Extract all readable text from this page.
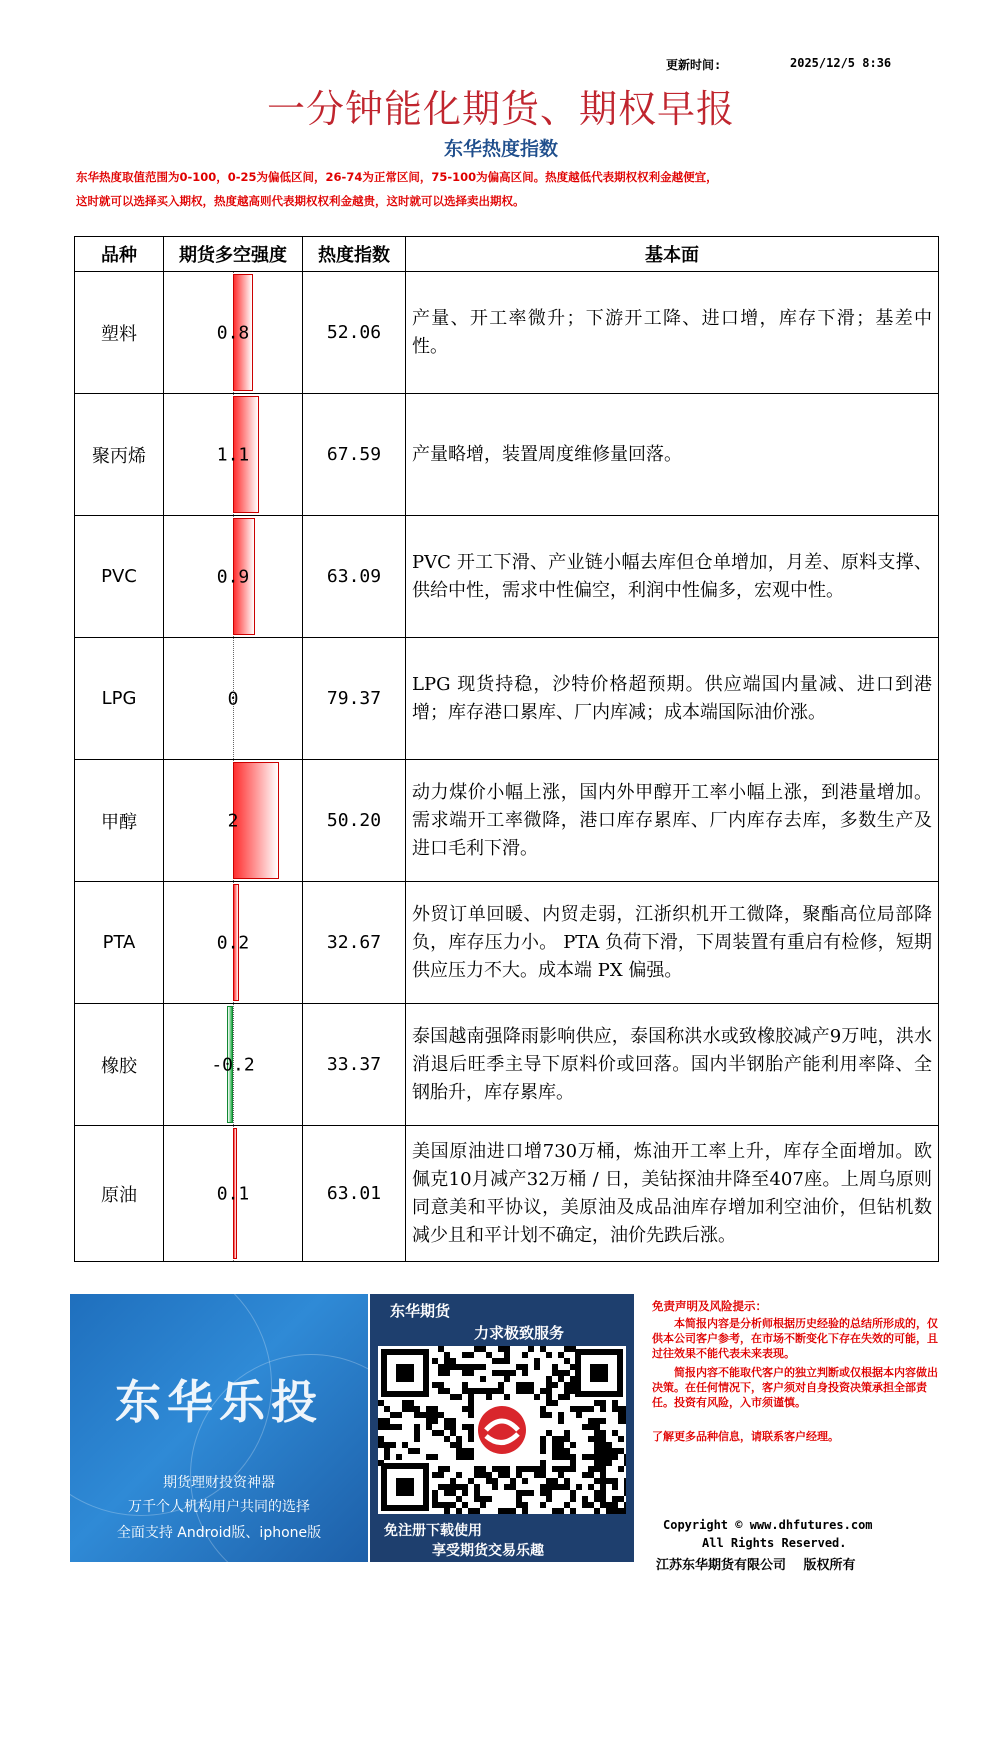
更新时间:	2025/12/5 8:36
一分钟能化期货、期权早报
东华热度指数
东华热度取值范围为0-100，0-25为偏低区间，26-74为正常区间，75-100为偏高区间。热度越低代表期权权利金越便宜，
这时就可以选择买入期权，热度越高则代表期权权利金越贵，这时就可以选择卖出期权。
品种	期货多空强度	热度指数	基本面
塑料	0.8	52.06	产量、开工率微升；下游开工降、进口增，库存下滑；基差中性。
聚丙烯	1.1	67.59	产量略增，装置周度维修量回落。
PVC	0.9	63.09	PVC 开工下滑、产业链小幅去库但仓单增加，月差、原料支撑、供给中性，需求中性偏空，利润中性偏多，宏观中性。
LPG	0	79.37	LPG 现货持稳，沙特价格超预期。供应端国内量减、进口到港增；库存港口累库、厂内库减；成本端国际油价涨。
甲醇	2	50.20	动力煤价小幅上涨，国内外甲醇开工率小幅上涨，到港量增加。需求端开工率微降，港口库存累库、厂内库存去库，多数生产及进口毛利下滑。
PTA	0.2	32.67	外贸订单回暖、内贸走弱，江浙织机开工微降，聚酯高位局部降负，库存压力小。 PTA 负荷下滑，下周装置有重启有检修，短期供应压力不大。成本端 PX 偏强。
橡胶	-0.2	33.37	泰国越南强降雨影响供应，泰国称洪水或致橡胶减产9万吨，洪水消退后旺季主导下原料价或回落。国内半钢胎产能利用率降、全钢胎升，库存累库。
原油	0.1	63.01	美国原油进口增730万桶，炼油开工率上升，库存全面增加。欧佩克10月减产32万桶 / 日，美钻探油井降至407座。上周乌原则同意美和平协议，美原油及成品油库存增加利空油价，但钻机数减少且和平计划不确定，油价先跌后涨。
东华乐投
期货理财投资神器
万千个人机构用户共同的选择
全面支持 Android版、iphone版
东华期货
力求极致服务
免注册下载使用
享受期货交易乐趣
免责声明及风险提示：
本简报内容是分析师根据历史经验的总结所形成的，仅供本公司客户参考，在市场不断变化下存在失效的可能，且过往效果不能代表未来表现。
简报内容不能取代客户的独立判断或仅根据本内容做出决策。在任何情况下，客户须对自身投资决策承担全部责任。投资有风险，入市须谨慎。
了解更多品种信息，请联系客户经理。
Copyright © www.dhfutures.com
All Rights Reserved.
江苏东华期货有限公司　 版权所有
